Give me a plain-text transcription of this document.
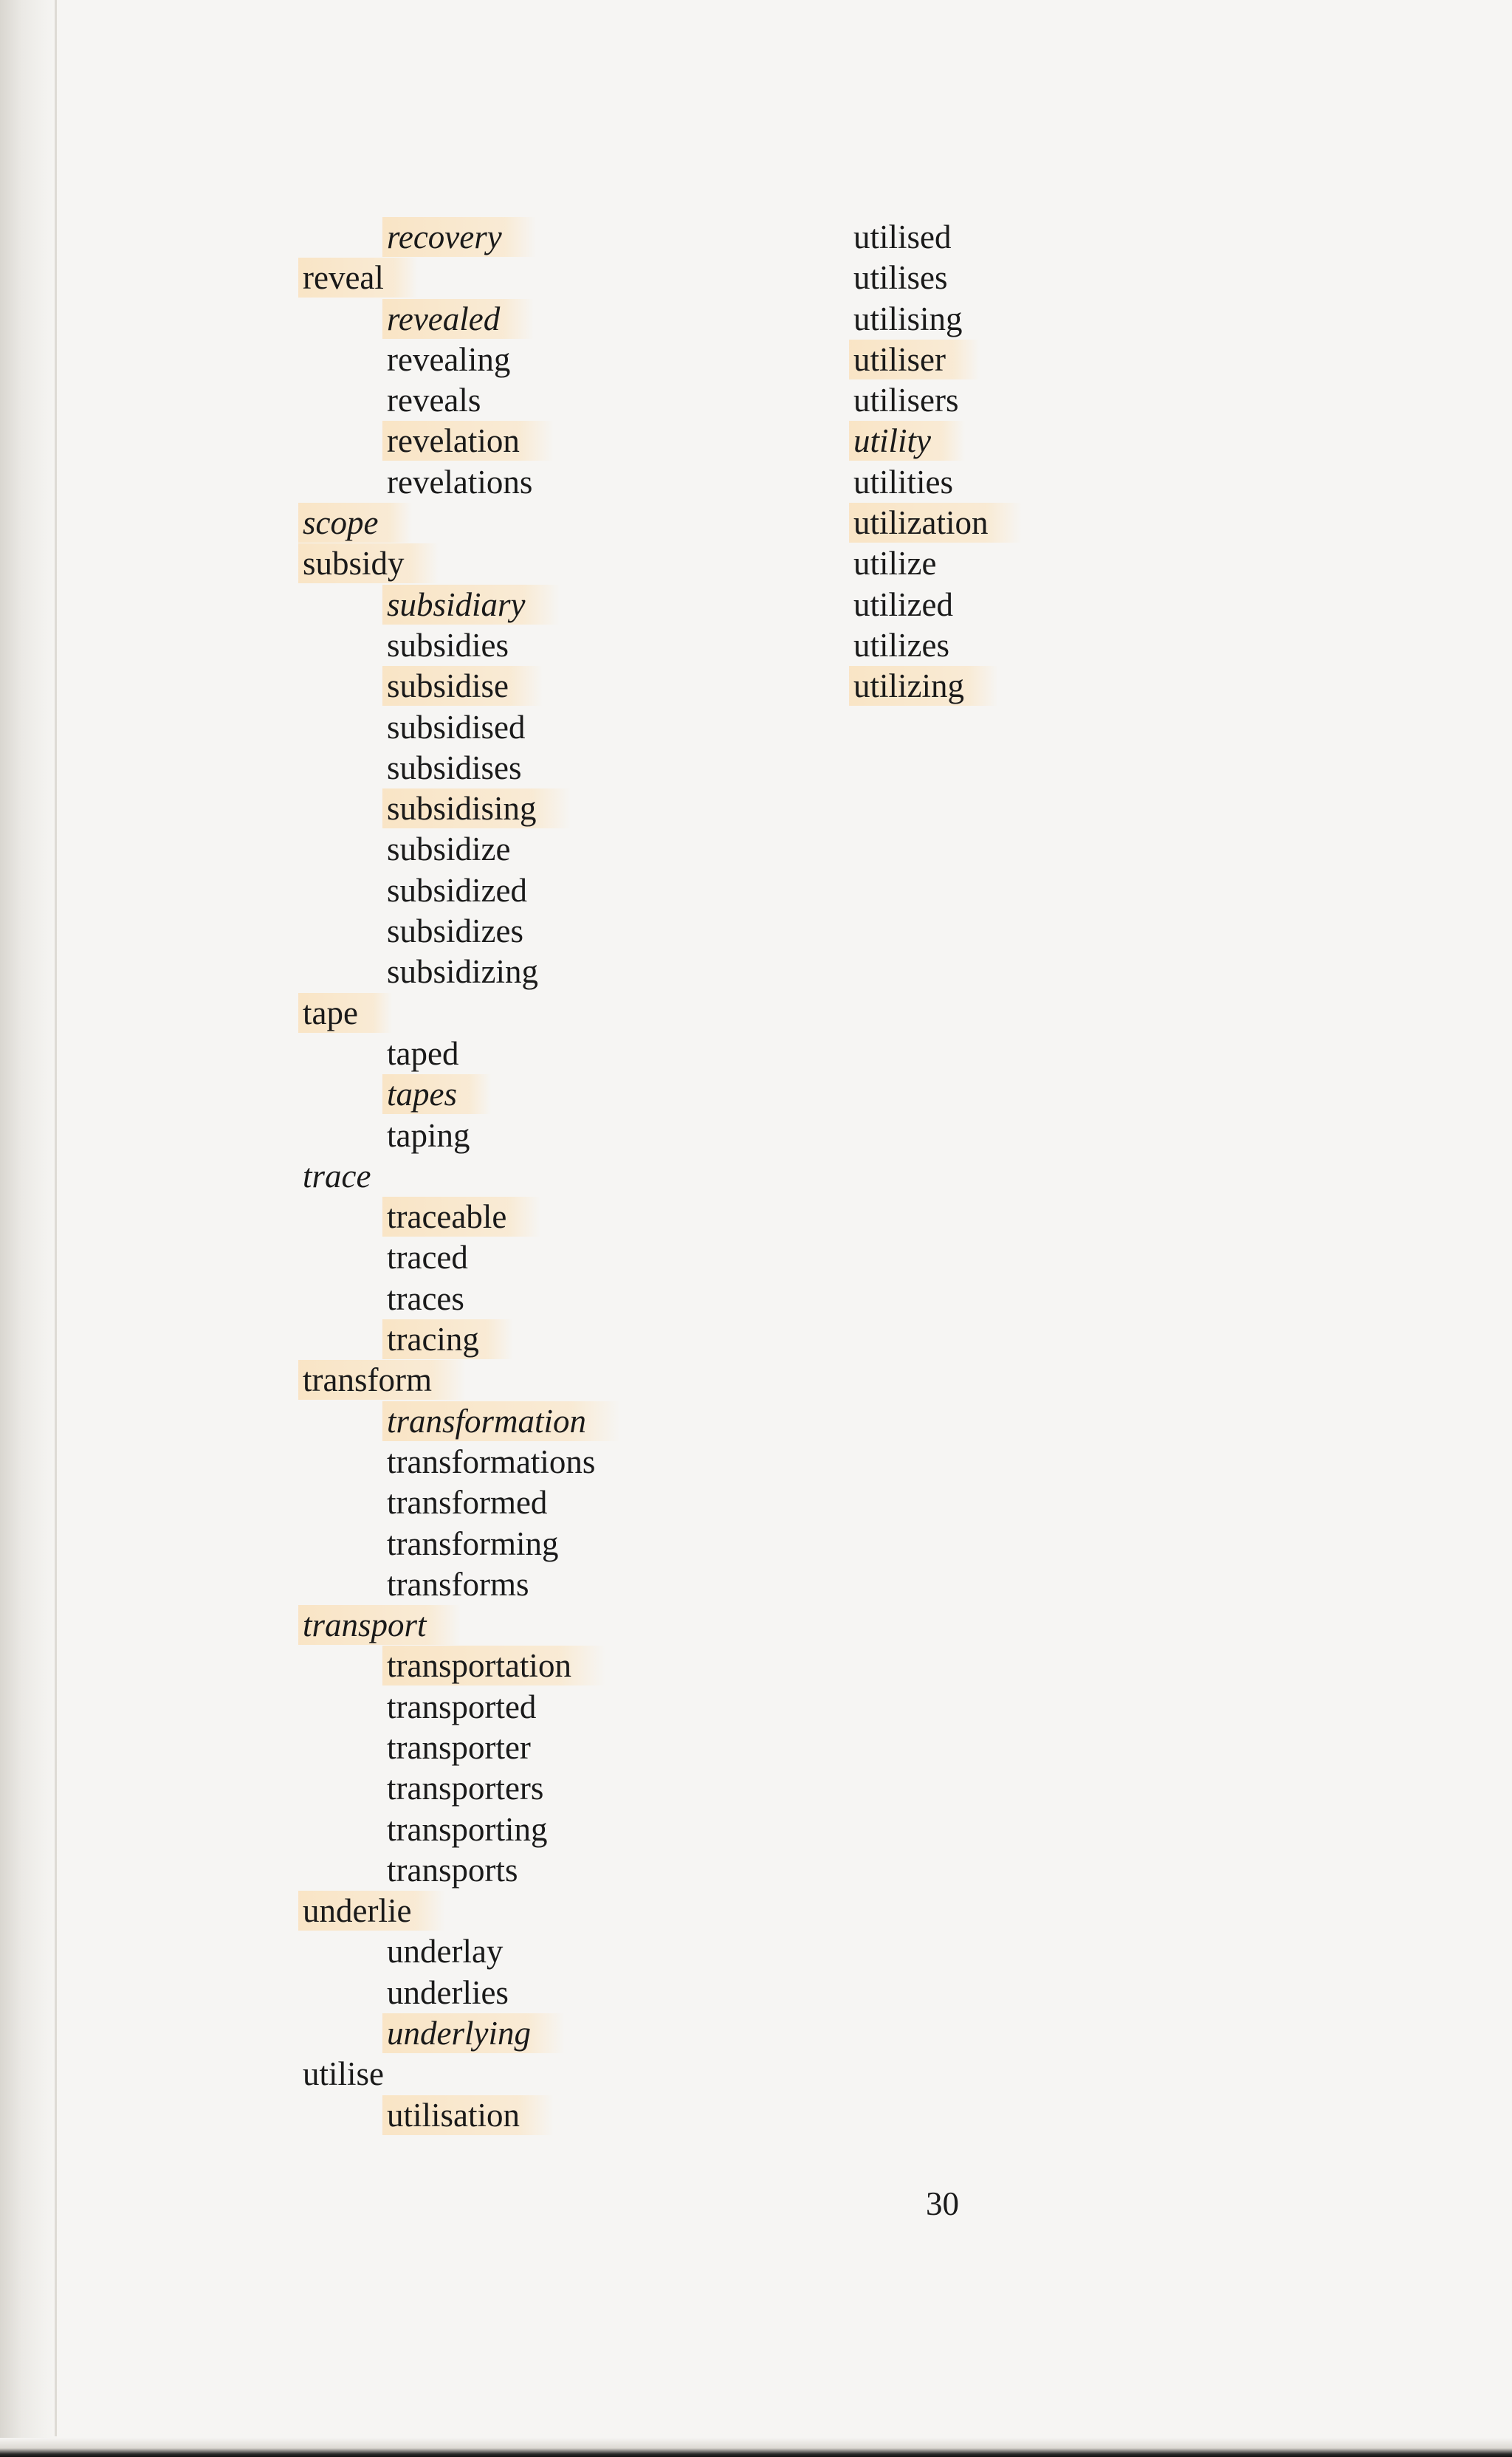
recovery
reveal
revealed
revealing
reveals
revelation
revelations
scope
subsidy
subsidiary
subsidies
subsidise
subsidised
subsidises
subsidising
subsidize
subsidized
subsidizes
subsidizing
tape
taped
tapes
taping
trace
traceable
traced
traces
tracing
transform
transformation
transformations
transformed
transforming
transforms
transport
transportation
transported
transporter
transporters
transporting
transports
underlie
underlay
underlies
underlying
utilise
utilisation
utilised
utilises
utilising
utiliser
utilisers
utility
utilities
utilization
utilize
utilized
utilizes
utilizing
30
